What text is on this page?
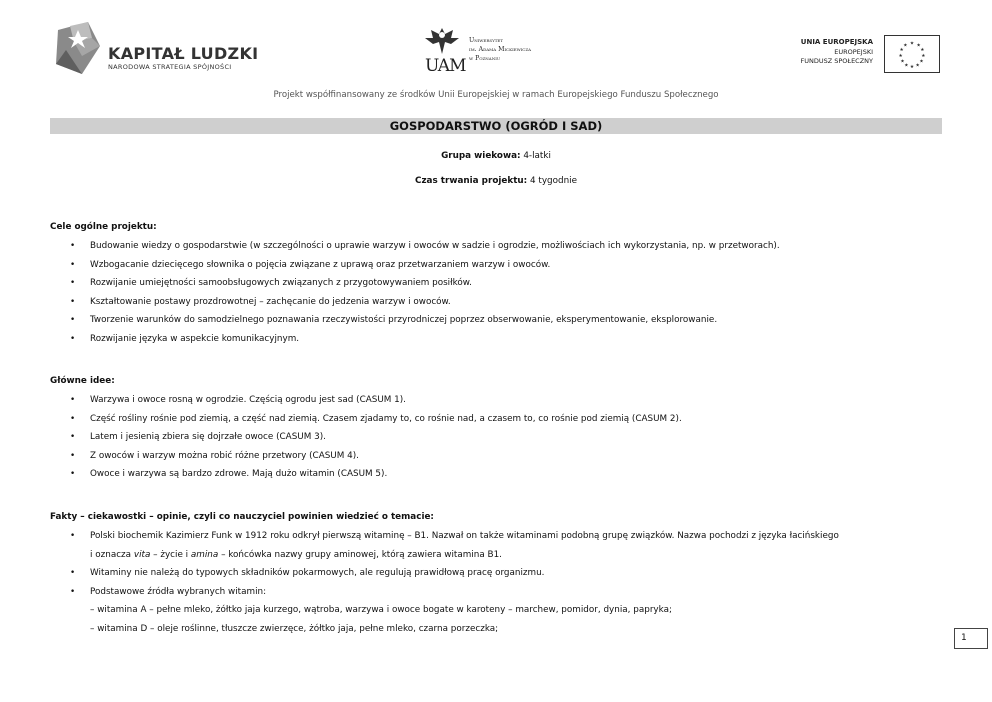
KAPITAŁ LUDZKI
NARODOWA STRATEGIA SPÓJNOŚCI	UAM
Uniwersytet
im. Adama Mickiewicza
w Poznaniu
UNIA EUROPEJSKA
EUROPEJSKI
FUNDUSZ SPOŁECZNY
★ ★
★
★
★
★
★
★
★
★
★
★
Projekt współfinansowany ze środków Unii Europejskiej w ramach Europejskiego Funduszu Społecznego
GOSPODARSTWO (OGRÓD I SAD)
Grupa wiekowa: 4-latki
Czas trwania projektu: 4 tygodnie
Cele ogólne projektu:
• Budowanie wiedzy o gospodarstwie (w szczególności o uprawie warzyw i owoców w sadzie i ogrodzie, możliwościach ich wykorzystania, np. w przetworach).
• Wzbogacanie dziecięcego słownika o pojęcia związane z uprawą oraz przetwarzaniem warzyw i owoców.
• Rozwijanie umiejętności samoobsługowych związanych z przygotowywaniem posiłków.
• Kształtowanie postawy prozdrowotnej – zachęcanie do jedzenia warzyw i owoców.
• Tworzenie warunków do samodzielnego poznawania rzeczywistości przyrodniczej poprzez obserwowanie, eksperymentowanie, eksplorowanie.
• Rozwijanie języka w aspekcie komunikacyjnym.
Główne idee:
• Warzywa i owoce rosną w ogrodzie. Częścią ogrodu jest sad (CASUM 1).
• Część rośliny rośnie pod ziemią, a część nad ziemią. Czasem zjadamy to, co rośnie nad, a czasem to, co rośnie pod ziemią (CASUM 2).
• Latem i jesienią zbiera się dojrzałe owoce (CASUM 3).
• Z owoców i warzyw można robić różne przetwory (CASUM 4).
• Owoce i warzywa są bardzo zdrowe. Mają dużo witamin (CASUM 5).
Fakty – ciekawostki – opinie, czyli co nauczyciel powinien wiedzieć o temacie:
• Polski biochemik Kazimierz Funk w 1912 roku odkrył pierwszą witaminę – B1. Nazwał on także witaminami podobną grupę związków. Nazwa pochodzi z języka łacińskiego
i oznacza vita – życie i amina – końcówka nazwy grupy aminowej, którą zawiera witamina B1.
• Witaminy nie należą do typowych składników pokarmowych, ale regulują prawidłową pracę organizmu.
• Podstawowe źródła wybranych witamin:
– witamina A – pełne mleko, żółtko jaja kurzego, wątroba, warzywa i owoce bogate w karoteny – marchew, pomidor, dynia, papryka;
– witamina D – oleje roślinne, tłuszcze zwierzęce, żółtko jaja, pełne mleko, czarna porzeczka;
1
